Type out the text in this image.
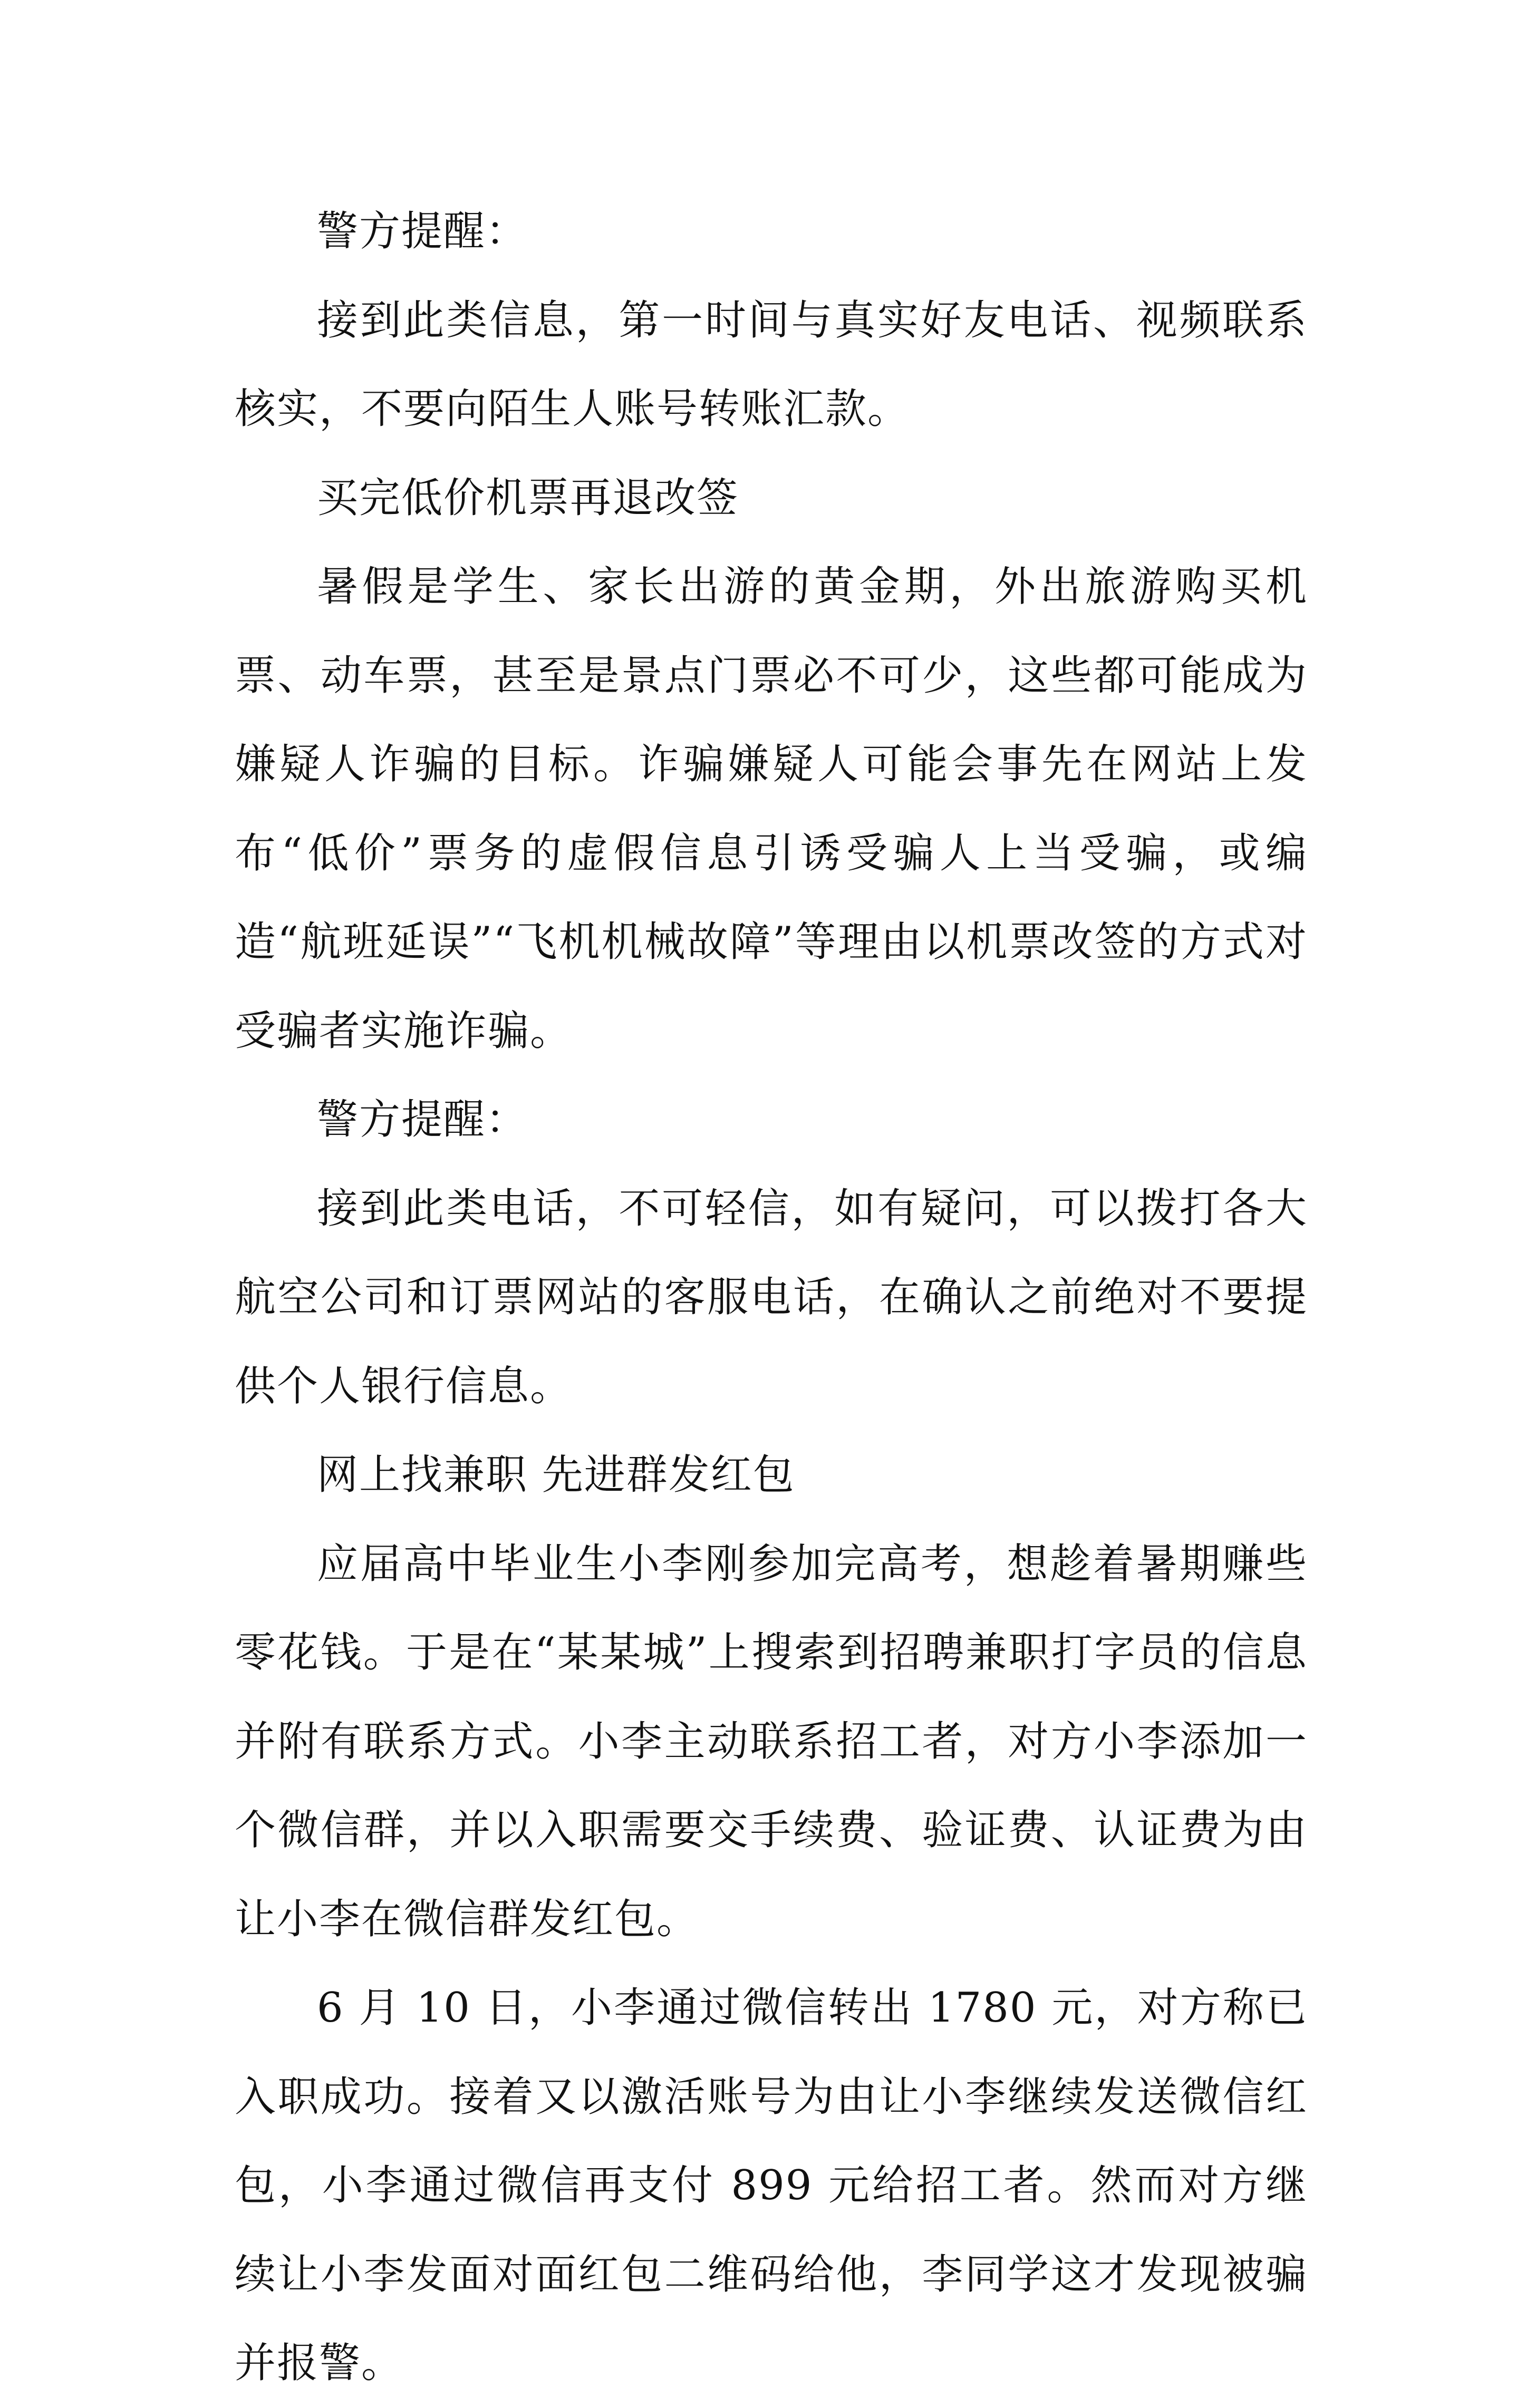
警方提醒：

接到此类信息，第一时间与真实好友电话、视频联系核实，不要向陌生人账号转账汇款。

买完低价机票再退改签

暑假是学生、家长出游的黄金期，外出旅游购买机票、动车票，甚至是景点门票必不可少，这些都可能成为嫌疑人诈骗的目标。诈骗嫌疑人可能会事先在网站上发布“低价”票务的虚假信息引诱受骗人上当受骗，或编造“航班延误”“飞机机械故障”等理由以机票改签的方式对受骗者实施诈骗。

警方提醒：

接到此类电话，不可轻信，如有疑问，可以拨打各大航空公司和订票网站的客服电话，在确认之前绝对不要提供个人银行信息。

网上找兼职 先进群发红包

应届高中毕业生小李刚参加完高考，想趁着暑期赚些零花钱。于是在“某某城”上搜索到招聘兼职打字员的信息并附有联系方式。小李主动联系招工者，对方小李添加一个微信群，并以入职需要交手续费、验证费、认证费为由让小李在微信群发红包。

6 月 10 日，小李通过微信转出 1780 元，对方称已入职成功。接着又以激活账号为由让小李继续发送微信红包，小李通过微信再支付 899 元给招工者。然而对方继续让小李发面对面红包二维码给他，李同学这才发现被骗并报警。
